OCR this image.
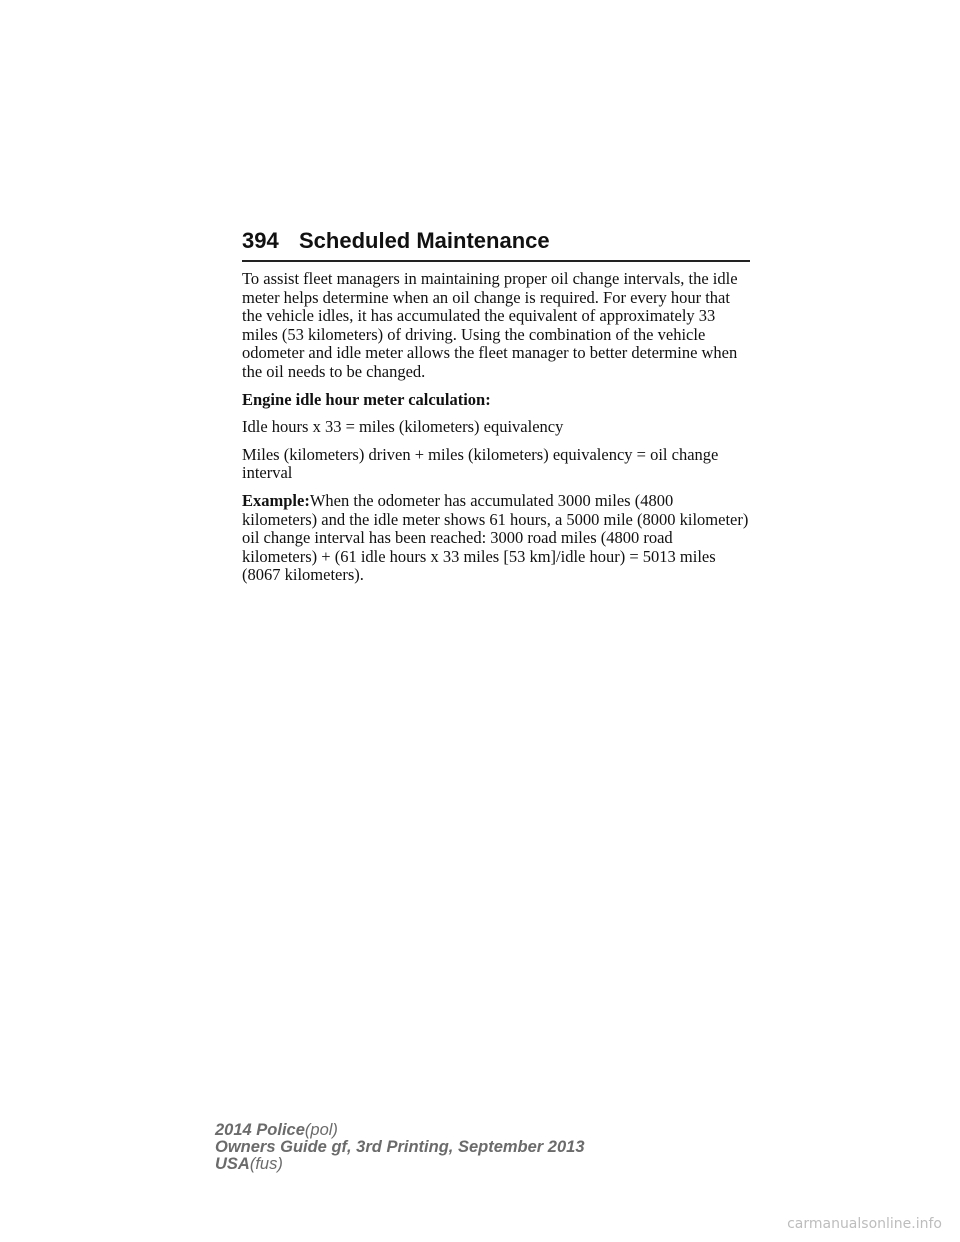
394 Scheduled Maintenance

To assist fleet managers in maintaining proper oil change intervals, the idle meter helps determine when an oil change is required. For every hour that the vehicle idles, it has accumulated the equivalent of approximately 33 miles (53 kilometers) of driving. Using the combination of the vehicle odometer and idle meter allows the fleet manager to better determine when the oil needs to be changed.

Engine idle hour meter calculation:

Idle hours x 33 = miles (kilometers) equivalency

Miles (kilometers) driven + miles (kilometers) equivalency = oil change interval

Example:When the odometer has accumulated 3000 miles (4800 kilometers) and the idle meter shows 61 hours, a 5000 mile (8000 kilometer) oil change interval has been reached: 3000 road miles (4800 road kilometers) + (61 idle hours x 33 miles [53 km]/idle hour) = 5013 miles (8067 kilometers).

2014 Police(pol)
Owners Guide gf, 3rd Printing, September 2013
USA(fus)
carmanualsonline.info
